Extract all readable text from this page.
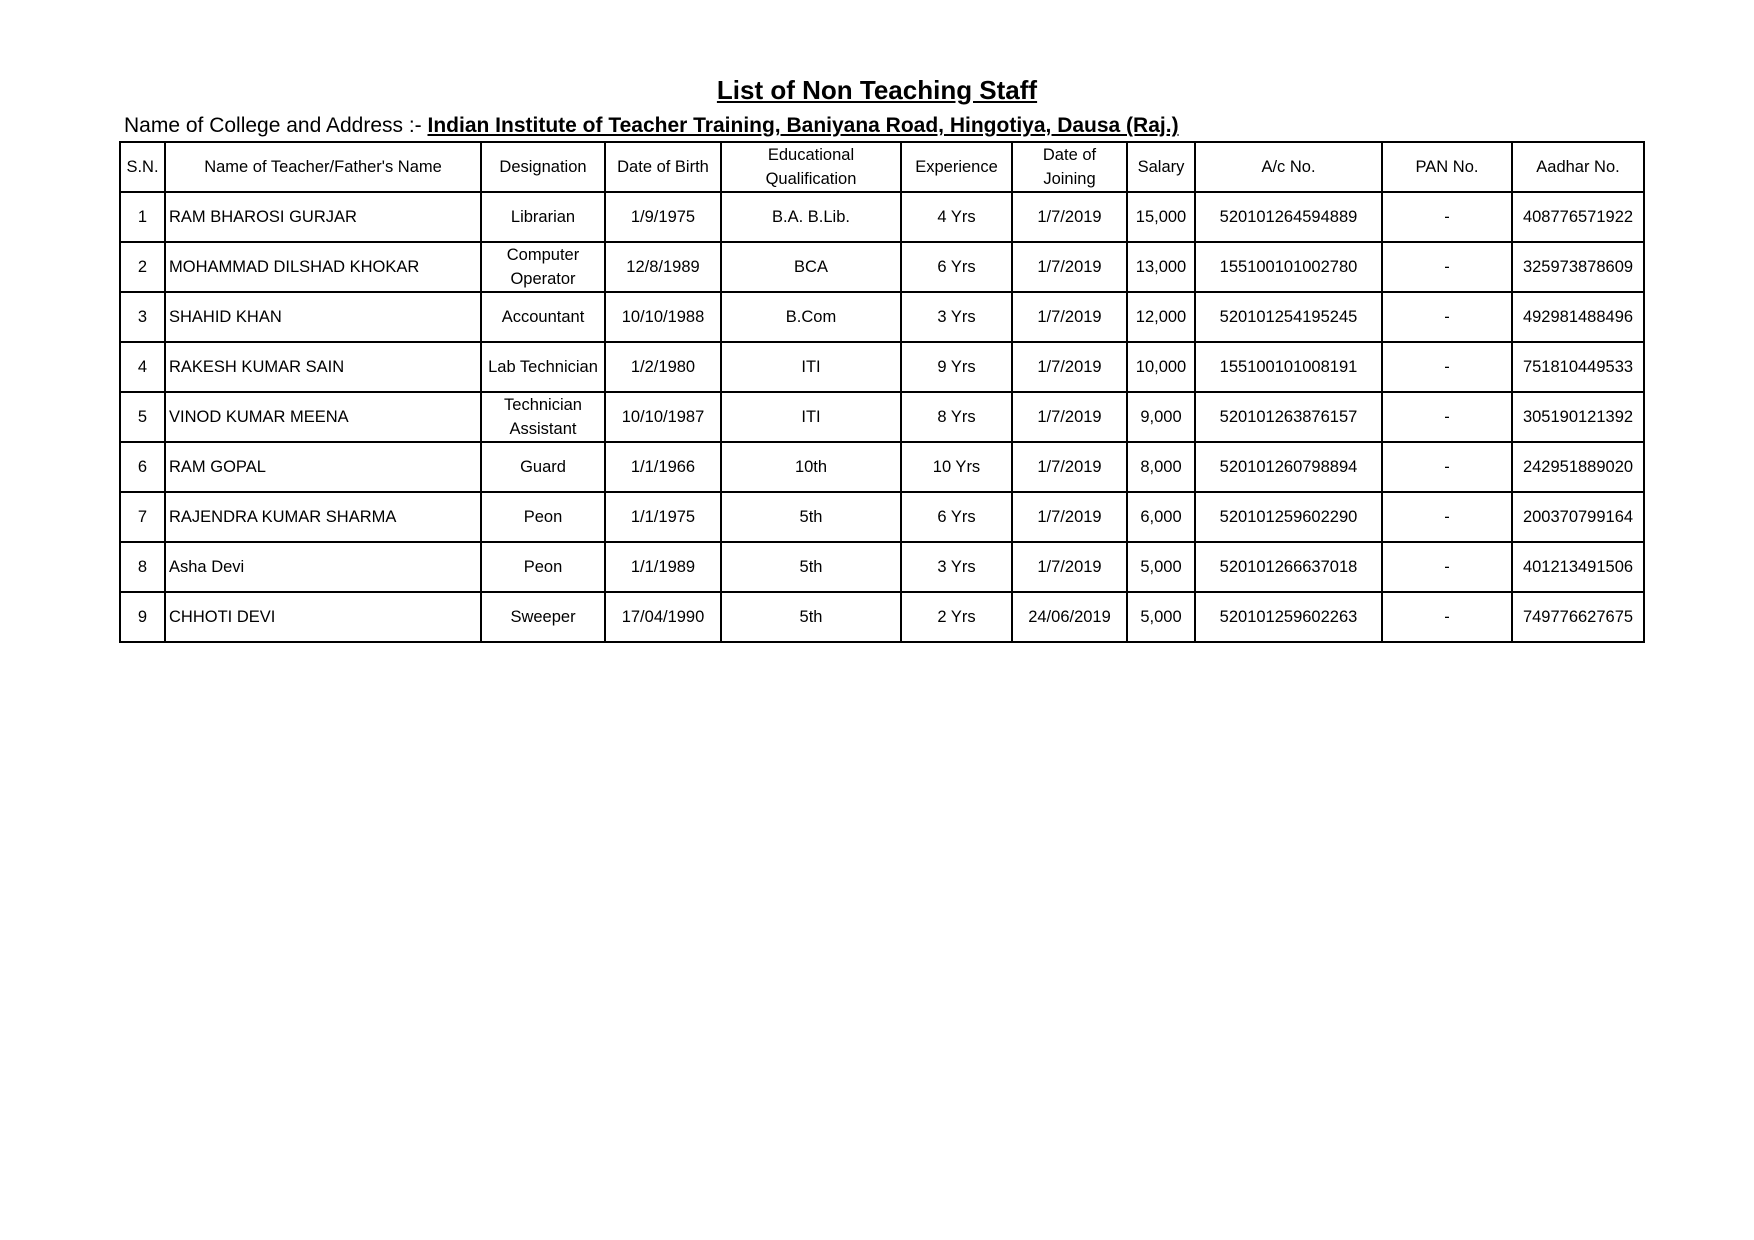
List of Non Teaching Staff
Name of College and Address :- Indian Institute of Teacher Training, Baniyana Road, Hingotiya, Dausa (Raj.)
S.N.	Name of Teacher/Father's Name	Designation	Date of Birth	Educational Qualification	Experience	Date of Joining	Salary	A/c No.	PAN No.	Aadhar No.
1	RAM BHAROSI GURJAR	Librarian	1/9/1975	B.A. B.Lib.	4 Yrs	1/7/2019	15,000	520101264594889	-	408776571922
2	MOHAMMAD DILSHAD KHOKAR	Computer Operator	12/8/1989	BCA	6 Yrs	1/7/2019	13,000	155100101002780	-	325973878609
3	SHAHID KHAN	Accountant	10/10/1988	B.Com	3 Yrs	1/7/2019	12,000	520101254195245	-	492981488496
4	RAKESH KUMAR SAIN	Lab Technician	1/2/1980	ITI	9 Yrs	1/7/2019	10,000	155100101008191	-	751810449533
5	VINOD KUMAR MEENA	Technician Assistant	10/10/1987	ITI	8 Yrs	1/7/2019	9,000	520101263876157	-	305190121392
6	RAM GOPAL	Guard	1/1/1966	10th	10 Yrs	1/7/2019	8,000	520101260798894	-	242951889020
7	RAJENDRA KUMAR SHARMA	Peon	1/1/1975	5th	6 Yrs	1/7/2019	6,000	520101259602290	-	200370799164
8	Asha Devi	Peon	1/1/1989	5th	3 Yrs	1/7/2019	5,000	520101266637018	-	401213491506
9	CHHOTI DEVI	Sweeper	17/04/1990	5th	2 Yrs	24/06/2019	5,000	520101259602263	-	749776627675
